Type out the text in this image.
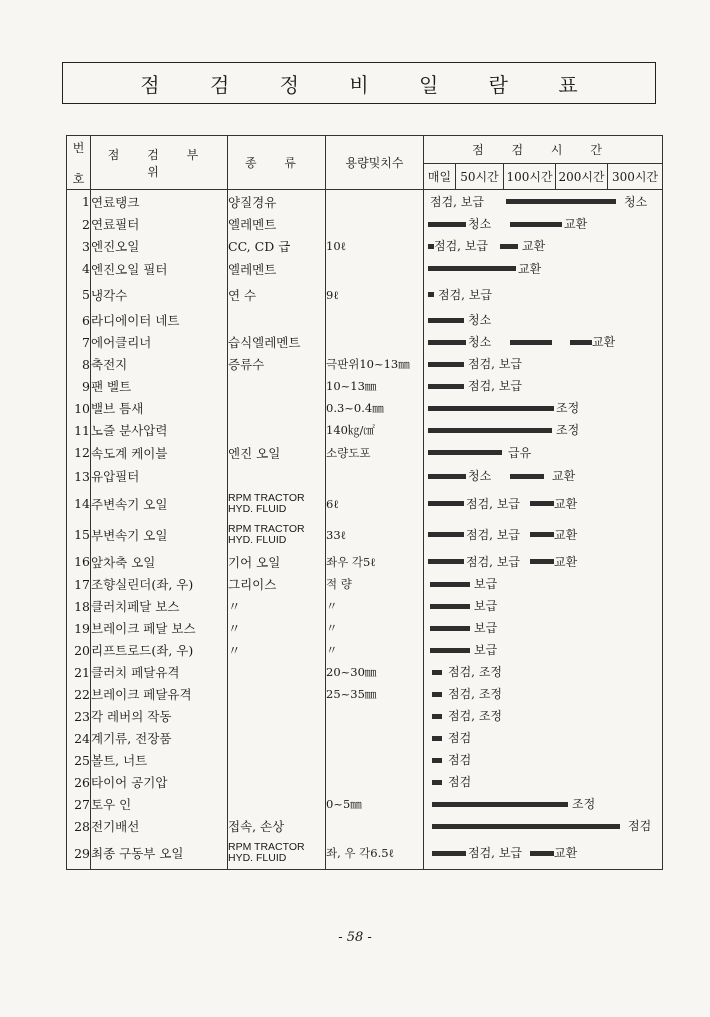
점 검 정 비 일 람 표
번

호	점 검 부 위	종 류	용량및치수	점 검 시 간				
				매일	50시간	100시간	200시간	300시간
1	연료탱크	양질경유		점검, 보급 청소				

2	연료필터	엘레멘트		청소 교환				

3	엔진오일	CC, CD 급	10ℓ	점검, 보급 교환				

4	엔진오일 필터	엘레멘트		교환				

5	냉각수	연 수	9ℓ	점검, 보급				

6	라디에이터 네트			청소				

7	에어클리너	습식엘레멘트		청소 교환				

8	축전지	증류수	극판위10~13㎜	점검, 보급				

9	팬 벨트		10~13㎜	점검, 보급				

10	밸브 틈새		0.3~0.4㎜	조정				

11	노즐 분사압력		140㎏/㎠	조정				

12	속도계 케이블	엔진 오일	소량도포	급유				

13	유압필터			청소 교환				

14	주변속기 오일	RPM TRACTOR
HYD. FLUID	6ℓ	점검, 보급 교환				

15	부변속기 오일	RPM TRACTOR
HYD. FLUID	33ℓ	점검, 보급 교환				

16	앞차축 오일	기어 오일	좌우 각5ℓ	점검, 보급 교환				

17	조향실린더(좌, 우)	그리이스	적 량	보급				

18	클러치페달 보스	〃	〃	보급				

19	브레이크 페달 보스	〃	〃	보급				

20	리프트로드(좌, 우)	〃	〃	보급				

21	클러치 페달유격		20~30㎜	점검, 조정				

22	브레이크 페달유격		25~35㎜	점검, 조정				

23	각 레버의 작동			점검, 조정				

24	계기류, 전장품			점검				

25	볼트, 너트			점검				

26	타이어 공기압			점검				

27	토우 인		0~5㎜	조정				

28	전기배선	접속, 손상		점검				

29	최종 구동부 오일	RPM TRACTOR
HYD. FLUID	좌, 우 각6.5ℓ	점검, 보급 교환				
- 58 -
